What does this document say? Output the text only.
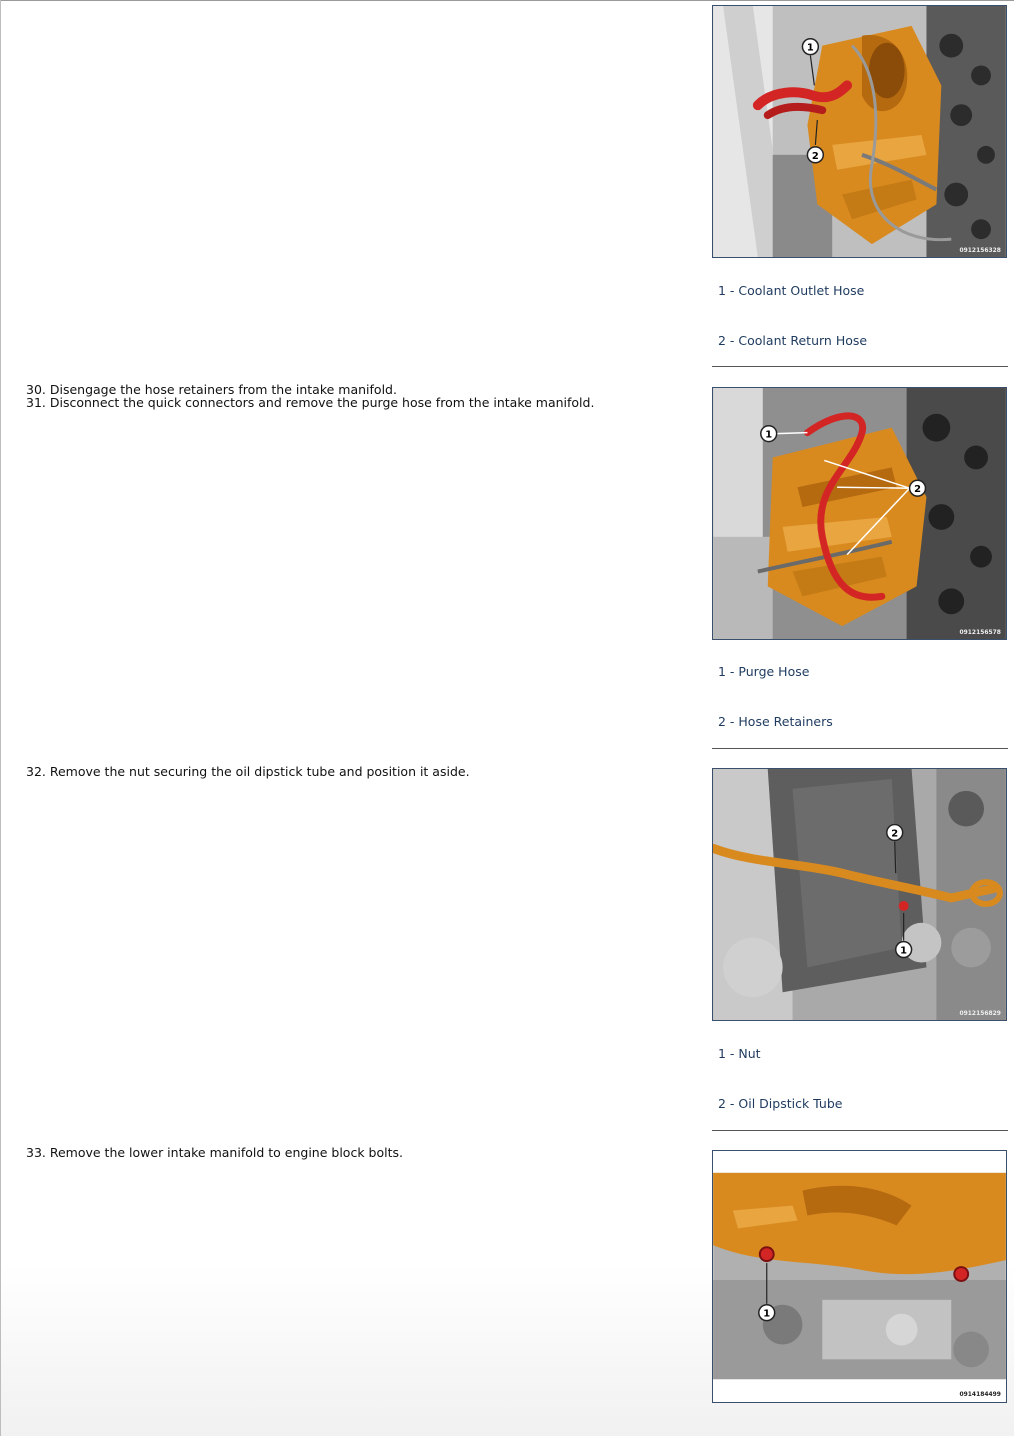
1
2
0912156328
1 - Coolant Outlet Hose
2 - Coolant Return Hose
30. Disengage the hose retainers from the intake manifold.
31. Disconnect the quick connectors and remove the purge hose from the intake manifold.
1
2
0912156578
1 - Purge Hose
2 - Hose Retainers
32. Remove the nut securing the oil dipstick tube and position it aside.
2
1
0912156829
1 - Nut
2 - Oil Dipstick Tube
33. Remove the lower intake manifold to engine block bolts.
1
0914184499
